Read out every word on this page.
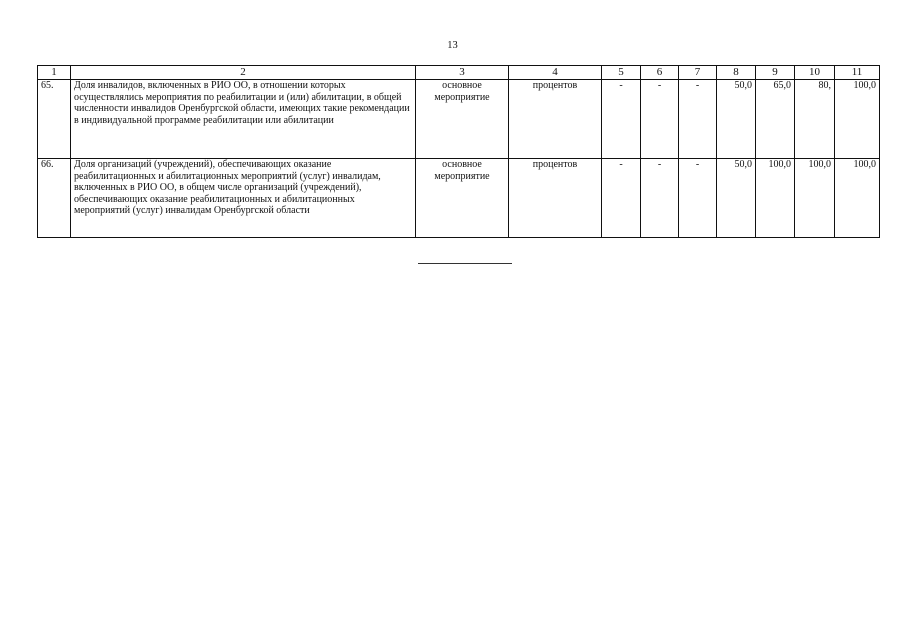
13
1	2	3	4	5	6	7	8	9	10	11
65.	Доля инвалидов, включенных в РИО ОО, в отношении которых осуществлялись мероприятия по реабилитации и (или) абилитации, в общей численности инвалидов Оренбургской области, имеющих такие рекомендации в индивидуальной программе реабилитации или абилитации	основное мероприятие	процентов	-	-	-	50,0	65,0	80,	100,0
66.	Доля организаций (учреждений), обеспечивающих оказание реабилитационных и абилитационных мероприятий (услуг) инвалидам, включенных в РИО ОО, в общем числе организаций (учреждений), обеспечивающих оказание реабилитационных и абилитационных мероприятий (услуг) инвалидам Оренбургской области	основное мероприятие	процентов	-	-	-	50,0	100,0	100,0	100,0
